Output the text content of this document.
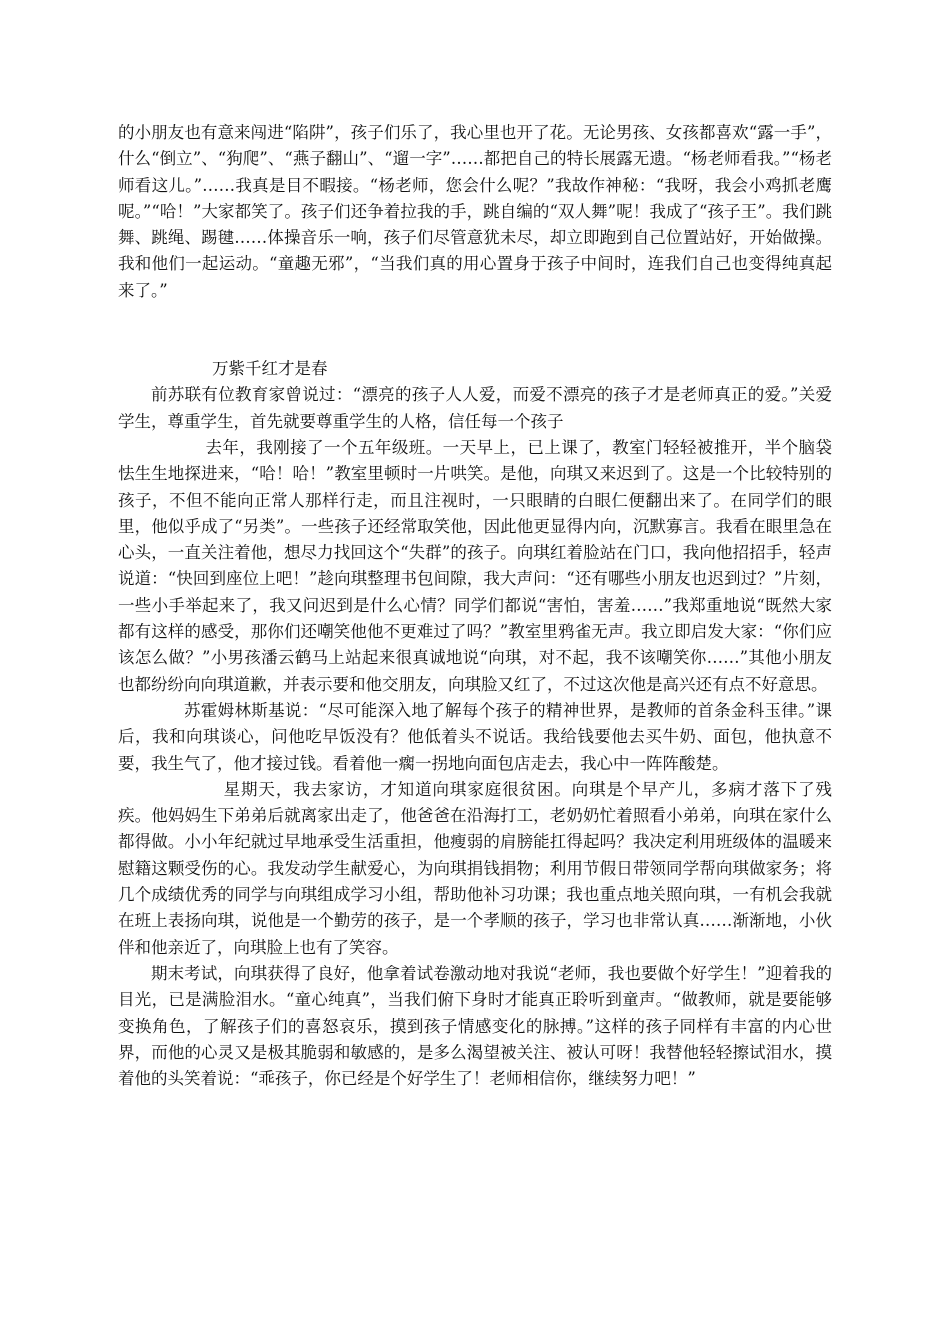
的小朋友也有意来闯进“陷阱”，孩子们乐了，我心里也开了花。无论男孩、女孩都喜欢“露一手”，什么“倒立”、“狗爬”、“燕子翻山”、“遛一字”……都把自己的特长展露无遗。“杨老师看我。”“杨老师看这儿。”……我真是目不暇接。“杨老师，您会什么呢？”我故作神秘：“我呀，我会小鸡抓老鹰呢。”“哈！”大家都笑了。孩子们还争着拉我的手，跳自编的“双人舞”呢！我成了“孩子王”。我们跳舞、跳绳、踢毽……体操音乐一响，孩子们尽管意犹未尽，却立即跑到自己位置站好，开始做操。我和他们一起运动。“童趣无邪”，“当我们真的用心置身于孩子中间时，连我们自己也变得纯真起来了。”

万紫千红才是春

前苏联有位教育家曾说过：“漂亮的孩子人人爱，而爱不漂亮的孩子才是老师真正的爱。”关爱学生，尊重学生，首先就要尊重学生的人格，信任每一个孩子

去年，我刚接了一个五年级班。一天早上，已上课了，教室门轻轻被推开，半个脑袋怯生生地探进来，“哈！哈！”教室里顿时一片哄笑。是他，向琪又来迟到了。这是一个比较特别的孩子，不但不能向正常人那样行走，而且注视时，一只眼睛的白眼仁便翻出来了。在同学们的眼里，他似乎成了“另类”。一些孩子还经常取笑他，因此他更显得内向，沉默寡言。我看在眼里急在心头，一直关注着他，想尽力找回这个“失群”的孩子。向琪红着脸站在门口，我向他招招手，轻声说道：“快回到座位上吧！”趁向琪整理书包间隙，我大声问：“还有哪些小朋友也迟到过？”片刻，一些小手举起来了，我又问迟到是什么心情？同学们都说“害怕，害羞……”我郑重地说“既然大家都有这样的感受，那你们还嘲笑他他不更难过了吗？”教室里鸦雀无声。我立即启发大家：“你们应该怎么做？”小男孩潘云鹤马上站起来很真诚地说“向琪，对不起，我不该嘲笑你……”其他小朋友也都纷纷向向琪道歉，并表示要和他交朋友，向琪脸又红了，不过这次他是高兴还有点不好意思。

苏霍姆林斯基说：“尽可能深入地了解每个孩子的精神世界，是教师的首条金科玉律。”课后，我和向琪谈心，问他吃早饭没有？他低着头不说话。我给钱要他去买牛奶、面包，他执意不要，我生气了，他才接过钱。看着他一瘸一拐地向面包店走去，我心中一阵阵酸楚。

星期天，我去家访，才知道向琪家庭很贫困。向琪是个早产儿，多病才落下了残疾。他妈妈生下弟弟后就离家出走了，他爸爸在沿海打工，老奶奶忙着照看小弟弟，向琪在家什么都得做。小小年纪就过早地承受生活重担，他瘦弱的肩膀能扛得起吗？我决定利用班级体的温暖来慰籍这颗受伤的心。我发动学生献爱心，为向琪捐钱捐物；利用节假日带领同学帮向琪做家务；将几个成绩优秀的同学与向琪组成学习小组，帮助他补习功课；我也重点地关照向琪，一有机会我就在班上表扬向琪，说他是一个勤劳的孩子，是一个孝顺的孩子，学习也非常认真……渐渐地，小伙伴和他亲近了，向琪脸上也有了笑容。

期末考试，向琪获得了良好，他拿着试卷激动地对我说“老师，我也要做个好学生！”迎着我的目光，已是满脸泪水。“童心纯真”，当我们俯下身时才能真正聆听到童声。“做教师，就是要能够变换角色，了解孩子们的喜怒哀乐，摸到孩子情感变化的脉搏。”这样的孩子同样有丰富的内心世界，而他的心灵又是极其脆弱和敏感的，是多么渴望被关注、被认可呀！我替他轻轻擦试泪水，摸着他的头笑着说：“乖孩子，你已经是个好学生了！老师相信你，继续努力吧！”
